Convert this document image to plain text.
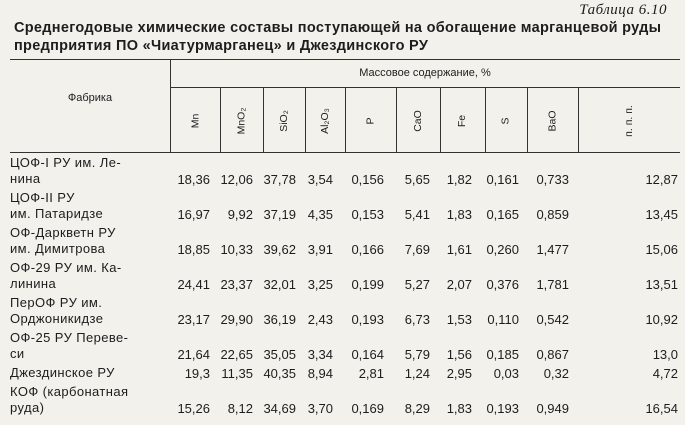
Таблица 6.10
Среднегодовые химические составы поступающей на обогащение марганцевой руды предприятия ПО «Чиатурмарганец» и Джездинского РУ
Фабрика
Массовое содержание, %
Mn	MnO₂	SiO₂	Al₂O₃	P	CaO	Fe	S	BaO	п. п. п.
ЦОФ-I РУ им. Ле-
нина	18,36 12,06 37,78 3,54 0,156 5,65 1,82 0,161 0,733	12,87
ЦОФ-II РУ
им. Патаридзе	16,97 9,92 37,19 4,35 0,153 5,41 1,83 0,165 0,859	13,45
ОФ-Даркветн РУ
им. Димитрова	18,85 10,33 39,62 3,91 0,166 7,69 1,61 0,260 1,477	15,06
ОФ-29 РУ им. Ка-
линина	24,41 23,37 32,01 3,25 0,199 5,27 2,07 0,376 1,781	13,51
ПерОФ РУ им.
Орджоникидзе	23,17 29,90 36,19 2,43 0,193 6,73 1,53 0,110 0,542	10,92
ОФ-25 РУ Переве-
си	21,64 22,65 35,05 3,34 0,164 5,79 1,56 0,185 0,867	13,0
Джездинское РУ	19,3 11,35 40,35 8,94 2,81 1,24 2,95 0,03 0,32	4,72
КОФ (карбонатная
руда)	15,26 8,12 34,69 3,70 0,169 8,29 1,83 0,193 0,949	16,54
